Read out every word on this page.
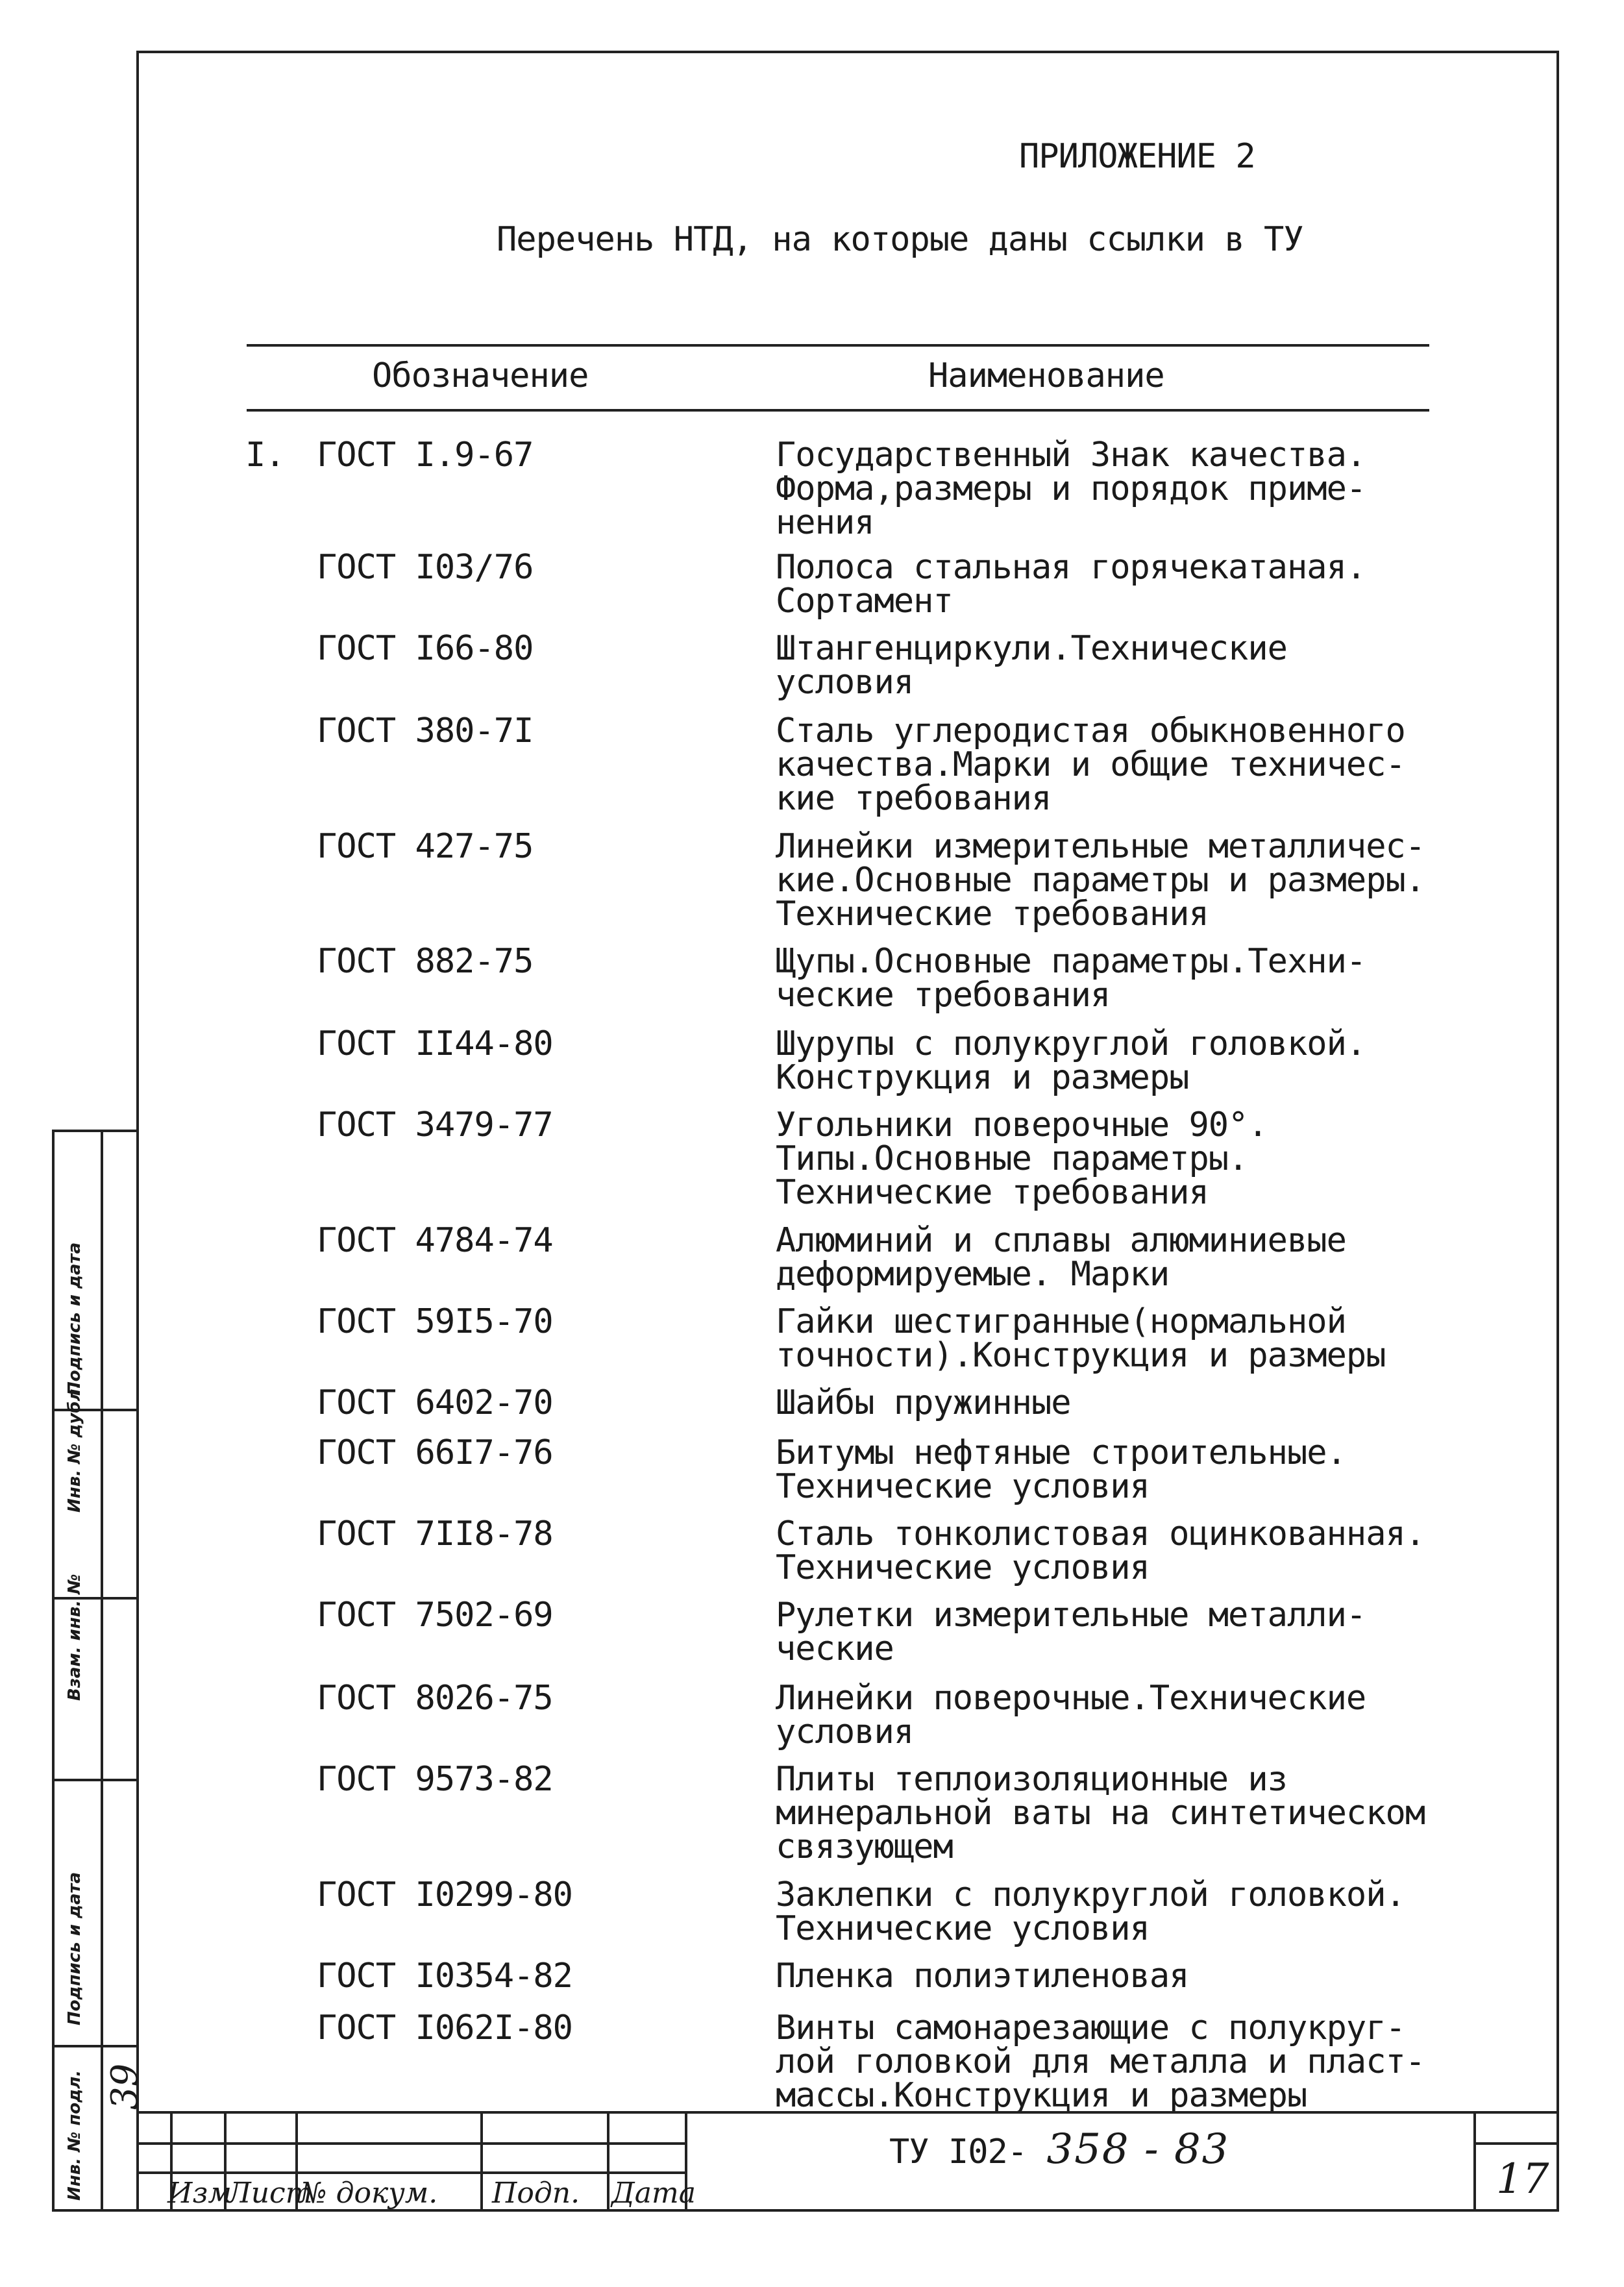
ПРИЛОЖЕНИЕ 2
Перечень НТД, на которые даны ссылки в ТУ
Обозначение	Наименование
I. ГОСТ I.9-67	Государственный Знак качества.
Форма,размеры и порядок приме-
нения
ГОСТ I03/76	Полоса стальная горячекатаная.
Сортамент
ГОСТ I66-80	Штангенциркули.Технические
условия
ГОСТ 380-7I	Сталь углеродистая обыкновенного
качества.Марки и общие техничес-
кие требования
ГОСТ 427-75	Линейки измерительные металличес-
кие.Основные параметры и размеры.
Технические требования
ГОСТ 882-75	Щупы.Основные параметры.Техни-
ческие требования
ГОСТ II44-80	Шурупы с полукруглой головкой.
Конструкция и размеры
ГОСТ 3479-77	Угольники поверочные 90°.
Типы.Основные параметры.
Технические требования
ГОСТ 4784-74	Алюминий и сплавы алюминиевые
деформируемые. Марки
ГОСТ 59I5-70	Гайки шестигранные(нормальной
точности).Конструкция и размеры
ГОСТ 6402-70	Шайбы пружинные
ГОСТ 66I7-76	Битумы нефтяные строительные.
Технические условия
ГОСТ 7II8-78	Сталь тонколистовая оцинкованная.
Технические условия
ГОСТ 7502-69	Рулетки измерительные металли-
ческие
ГОСТ 8026-75	Линейки поверочные.Технические
условия
ГОСТ 9573-82	Плиты теплоизоляционные из
минеральной ваты на синтетическом
связующем
ГОСТ I0299-80	Заклепки с полукруглой головкой.
Технические условия
ГОСТ I0354-82	Пленка полиэтиленовая
ГОСТ I062I-80	Винты самонарезающие с полукруг-
лой головкой для металла и пласт-
массы.Конструкция и размеры
Подпись и дата
Инв. № дубл.
Взам. инв. №
Подпись и дата
Инв. № подл. 39
Изм
Лист
№ докум. Подп. Дата
ТУ I02- 358 - 83
17
